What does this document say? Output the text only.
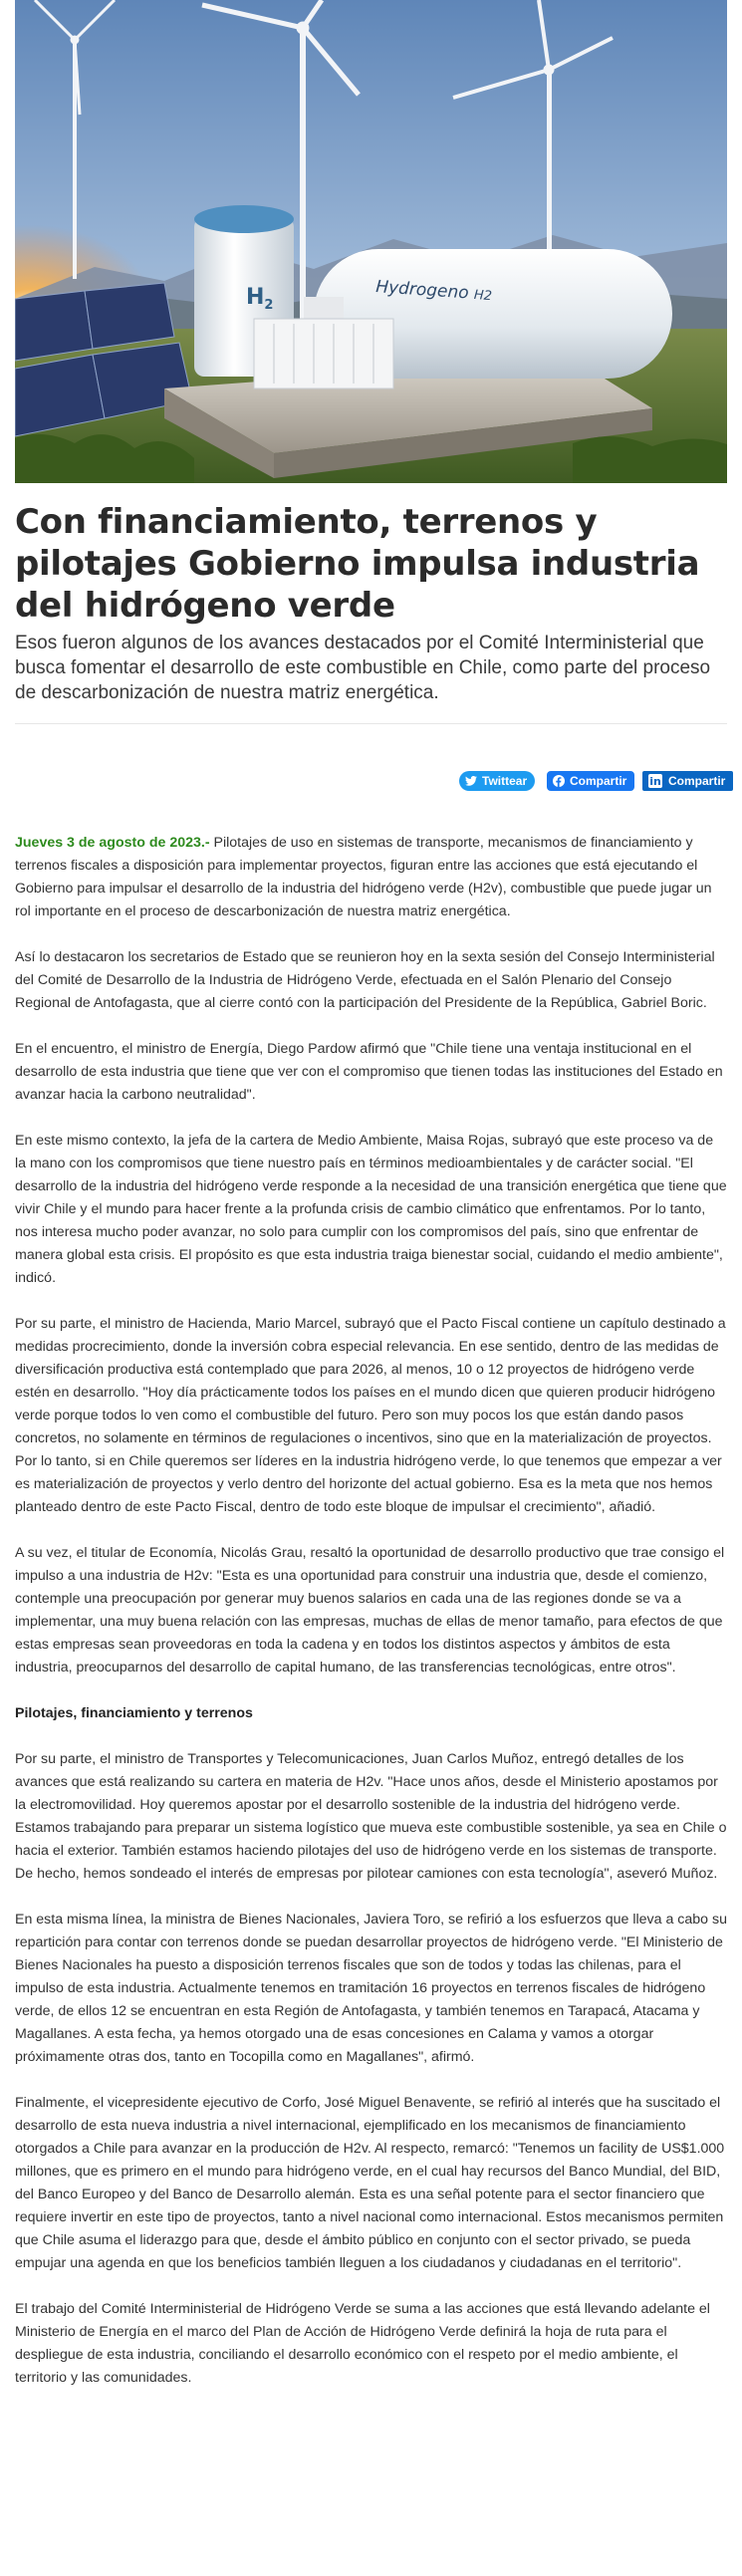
Hydrogeno H2
$H_2$
Con financiamiento, terrenos y pilotajes Gobierno impulsa industria del hidrógeno verde

Esos fueron algunos de los avances destacados por el Comité Interministerial que busca fomentar el desarrollo de este combustible en Chile, como parte del proceso de descarbonización de nuestra matriz energética.

Twittear	Compartir in Compartir

Jueves 3 de agosto de 2023.- Pilotajes de uso en sistemas de transporte, mecanismos de financiamiento y terrenos fiscales a disposición para implementar proyectos, figuran entre las acciones que está ejecutando el Gobierno para impulsar el desarrollo de la industria del hidrógeno verde (H2v), combustible que puede jugar un rol importante en el proceso de descarbonización de nuestra matriz energética.

Así lo destacaron los secretarios de Estado que se reunieron hoy en la sexta sesión del Consejo Interministerial del Comité de Desarrollo de la Industria de Hidrógeno Verde, efectuada en el Salón Plenario del Consejo Regional de Antofagasta, que al cierre contó con la participación del Presidente de la República, Gabriel Boric.

En el encuentro, el ministro de Energía, Diego Pardow afirmó que "Chile tiene una ventaja institucional en el desarrollo de esta industria que tiene que ver con el compromiso que tienen todas las instituciones del Estado en avanzar hacia la carbono neutralidad".

En este mismo contexto, la jefa de la cartera de Medio Ambiente, Maisa Rojas, subrayó que este proceso va de la mano con los compromisos que tiene nuestro país en términos medioambientales y de carácter social. "El desarrollo de la industria del hidrógeno verde responde a la necesidad de una transición energética que tiene que vivir Chile y el mundo para hacer frente a la profunda crisis de cambio climático que enfrentamos. Por lo tanto, nos interesa mucho poder avanzar, no solo para cumplir con los compromisos del país, sino que enfrentar de manera global esta crisis. El propósito es que esta industria traiga bienestar social, cuidando el medio ambiente", indicó.

Por su parte, el ministro de Hacienda, Mario Marcel, subrayó que el Pacto Fiscal contiene un capítulo destinado a medidas procrecimiento, donde la inversión cobra especial relevancia. En ese sentido, dentro de las medidas de diversificación productiva está contemplado que para 2026, al menos, 10 o 12 proyectos de hidrógeno verde estén en desarrollo. "Hoy día prácticamente todos los países en el mundo dicen que quieren producir hidrógeno verde porque todos lo ven como el combustible del futuro. Pero son muy pocos los que están dando pasos concretos, no solamente en términos de regulaciones o incentivos, sino que en la materialización de proyectos. Por lo tanto, si en Chile queremos ser líderes en la industria hidrógeno verde, lo que tenemos que empezar a ver es materialización de proyectos y verlo dentro del horizonte del actual gobierno. Esa es la meta que nos hemos planteado dentro de este Pacto Fiscal, dentro de todo este bloque de impulsar el crecimiento", añadió.

A su vez, el titular de Economía, Nicolás Grau, resaltó la oportunidad de desarrollo productivo que trae consigo el impulso a una industria de H2v: "Esta es una oportunidad para construir una industria que, desde el comienzo, contemple una preocupación por generar muy buenos salarios en cada una de las regiones donde se va a implementar, una muy buena relación con las empresas, muchas de ellas de menor tamaño, para efectos de que estas empresas sean proveedoras en toda la cadena y en todos los distintos aspectos y ámbitos de esta industria, preocuparnos del desarrollo de capital humano, de las transferencias tecnológicas, entre otros".

Pilotajes, financiamiento y terrenos

Por su parte, el ministro de Transportes y Telecomunicaciones, Juan Carlos Muñoz, entregó detalles de los avances que está realizando su cartera en materia de H2v. "Hace unos años, desde el Ministerio apostamos por la electromovilidad. Hoy queremos apostar por el desarrollo sostenible de la industria del hidrógeno verde. Estamos trabajando para preparar un sistema logístico que mueva este combustible sostenible, ya sea en Chile o hacia el exterior. También estamos haciendo pilotajes del uso de hidrógeno verde en los sistemas de transporte. De hecho, hemos sondeado el interés de empresas por pilotear camiones con esta tecnología", aseveró Muñoz.

En esta misma línea, la ministra de Bienes Nacionales, Javiera Toro, se refirió a los esfuerzos que lleva a cabo su repartición para contar con terrenos donde se puedan desarrollar proyectos de hidrógeno verde. "El Ministerio de Bienes Nacionales ha puesto a disposición terrenos fiscales que son de todos y todas las chilenas, para el impulso de esta industria. Actualmente tenemos en tramitación 16 proyectos en terrenos fiscales de hidrógeno verde, de ellos 12 se encuentran en esta Región de Antofagasta, y también tenemos en Tarapacá, Atacama y Magallanes. A esta fecha, ya hemos otorgado una de esas concesiones en Calama y vamos a otorgar próximamente otras dos, tanto en Tocopilla como en Magallanes", afirmó.

Finalmente, el vicepresidente ejecutivo de Corfo, José Miguel Benavente, se refirió al interés que ha suscitado el desarrollo de esta nueva industria a nivel internacional, ejemplificado en los mecanismos de financiamiento otorgados a Chile para avanzar en la producción de H2v. Al respecto, remarcó: "Tenemos un facility de US$1.000 millones, que es primero en el mundo para hidrógeno verde, en el cual hay recursos del Banco Mundial, del BID, del Banco Europeo y del Banco de Desarrollo alemán. Esta es una señal potente para el sector financiero que requiere invertir en este tipo de proyectos, tanto a nivel nacional como internacional. Estos mecanismos permiten que Chile asuma el liderazgo para que, desde el ámbito público en conjunto con el sector privado, se pueda empujar una agenda en que los beneficios también lleguen a los ciudadanos y ciudadanas en el territorio".

El trabajo del Comité Interministerial de Hidrógeno Verde se suma a las acciones que está llevando adelante el Ministerio de Energía en el marco del Plan de Acción de Hidrógeno Verde definirá la hoja de ruta para el despliegue de esta industria, conciliando el desarrollo económico con el respeto por el medio ambiente, el territorio y las comunidades.
